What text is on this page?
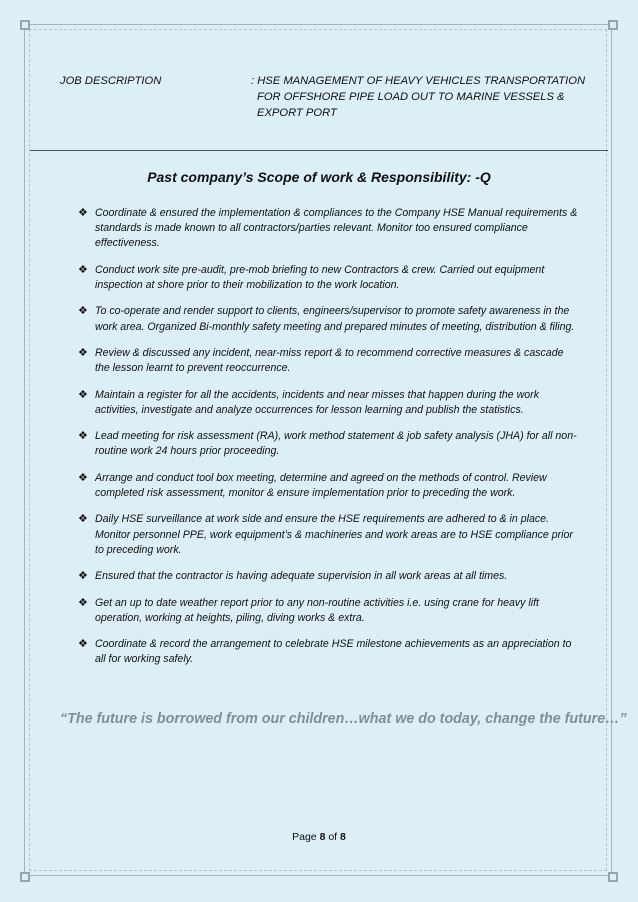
JOB DESCRIPTION	: HSE MANAGEMENT OF HEAVY VEHICLES TRANSPORTATION
FOR OFFSHORE PIPE LOAD OUT TO MARINE VESSELS &
EXPORT PORT
Past company’s Scope of work & Responsibility: -Q
❖ Coordinate & ensured the implementation & compliances to the Company HSE Manual requirements & standards is made known to all contractors/parties relevant. Monitor too ensured compliance effectiveness.
❖ Conduct work site pre-audit, pre-mob briefing to new Contractors & crew. Carried out equipment inspection at shore prior to their mobilization to the work location.
❖ To co-operate and render support to clients, engineers/supervisor to promote safety awareness in the work area. Organized Bi-monthly safety meeting and prepared minutes of meeting, distribution & filing.
❖ Review & discussed any incident, near-miss report & to recommend corrective measures & cascade the lesson learnt to prevent reoccurrence.
❖ Maintain a register for all the accidents, incidents and near misses that happen during the work activities, investigate and analyze occurrences for lesson learning and publish the statistics.
❖ Lead meeting for risk assessment (RA), work method statement & job safety analysis (JHA) for all non-routine work 24 hours prior proceeding.
❖ Arrange and conduct tool box meeting, determine and agreed on the methods of control. Review completed risk assessment, monitor & ensure implementation prior to preceding the work.
❖ Daily HSE surveillance at work side and ensure the HSE requirements are adhered to & in place. Monitor personnel PPE, work equipment’s & machineries and work areas are to HSE compliance prior to preceding work.
❖ Ensured that the contractor is having adequate supervision in all work areas at all times.
❖ Get an up to date weather report prior to any non-routine activities i.e. using crane for heavy lift operation, working at heights, piling, diving works & extra.
❖ Coordinate & record the arrangement to celebrate HSE milestone achievements as an appreciation to all for working safely.
“The future is borrowed from our children…what we do today, change the future…”
Page 8 of 8
